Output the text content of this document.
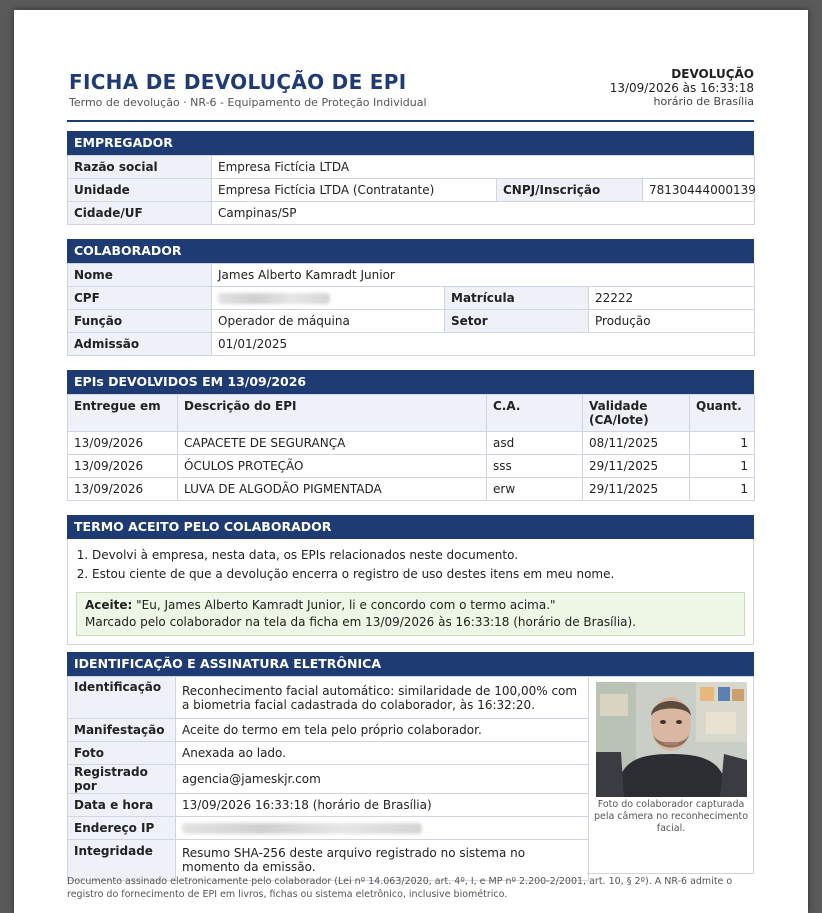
FICHA DE DEVOLUÇÃO DE EPI
Termo de devolução · NR-6 - Equipamento de Proteção Individual
DEVOLUÇÃO
13/09/2026 às 16:33:18
horário de Brasília
EMPREGADOR
Razão social	Empresa Fictícia LTDA		
Unidade	Empresa Fictícia LTDA (Contratante)	CNPJ/Inscrição	78130444000139
Cidade/UF	Campinas/SP		
COLABORADOR
Nome	James Alberto Kamradt Junior		
CPF		Matrícula	22222
Função	Operador de máquina	Setor	Produção
Admissão	01/01/2025		
EPIs DEVOLVIDOS EM 13/09/2026
Entregue em	Descrição do EPI	C.A.	Validade (CA/lote)	Quant.
13/09/2026	CAPACETE DE SEGURANÇA	asd	08/11/2025	1
13/09/2026	ÓCULOS PROTEÇÃO	sss	29/11/2025	1
13/09/2026	LUVA DE ALGODÃO PIGMENTADA	erw	29/11/2025	1
TERMO ACEITO PELO COLABORADOR
1. Devolvi à empresa, nesta data, os EPIs relacionados neste documento.
2. Estou ciente de que a devolução encerra o registro de uso destes itens em meu nome.
Aceite: "Eu, James Alberto Kamradt Junior, li e concordo com o termo acima."
Marcado pelo colaborador na tela da ficha em 13/09/2026 às 16:33:18 (horário de Brasília).
IDENTIFICAÇÃO E ASSINATURA ELETRÔNICA
Identificação	Reconhecimento facial automático: similaridade de 100,00% com a biometria facial cadastrada do colaborador, às 16:32:20.
Manifestação	Aceite do termo em tela pelo próprio colaborador.
Foto	Anexada ao lado.
Registrado por	agencia@jameskjr.com
Data e hora	13/09/2026 16:33:18 (horário de Brasília)
Endereço IP	
Integridade	Resumo SHA-256 deste arquivo registrado no sistema no momento da emissão.
Foto do colaborador capturada pela câmera no reconhecimento facial.
Documento assinado eletronicamente pelo colaborador (Lei nº 14.063/2020, art. 4º, I, e MP nº 2.200-2/2001, art. 10, § 2º). A NR-6 admite o registro do fornecimento de EPI em livros, fichas ou sistema eletrônico, inclusive biométrico.
